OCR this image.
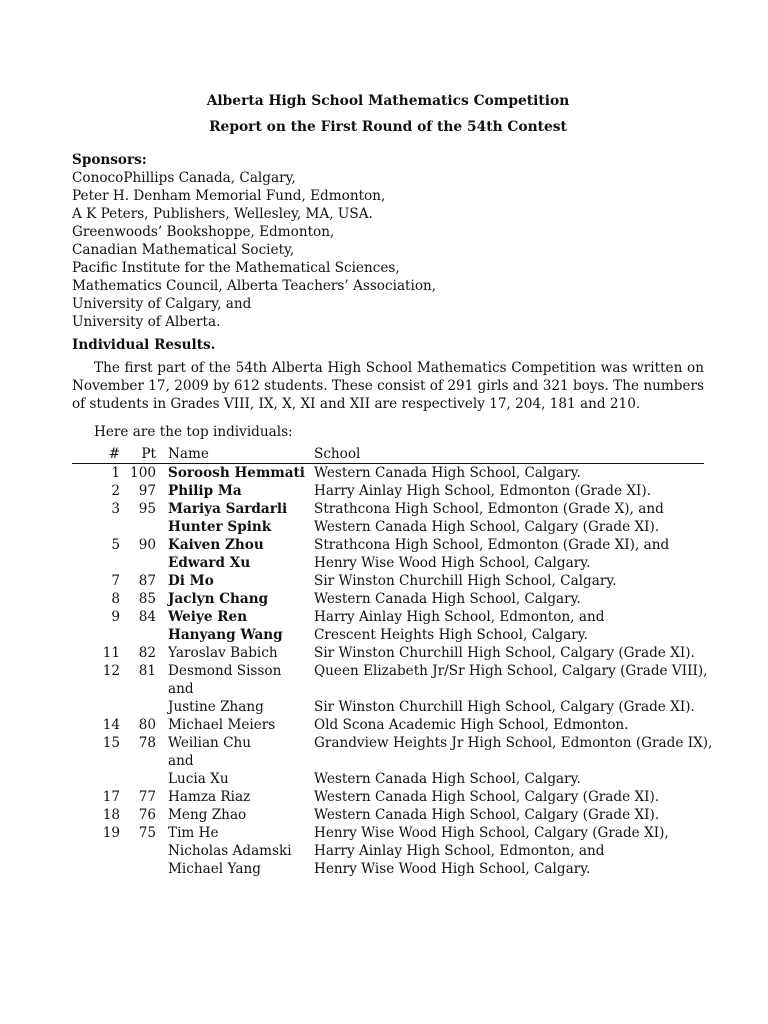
Alberta High School Mathematics Competition

Report on the First Round of the 54th Contest

Sponsors:
ConocoPhillips Canada, Calgary,
Peter H. Denham Memorial Fund, Edmonton,
A K Peters, Publishers, Wellesley, MA, USA.
Greenwoods’ Bookshoppe, Edmonton,
Canadian Mathematical Society,
Pacific Institute for the Mathematical Sciences,
Mathematics Council, Alberta Teachers’ Association,
University of Calgary, and
University of Alberta.
Individual Results.
The first part of the 54th Alberta High School Mathematics Competition was written on November 17, 2009 by 612 students. These consist of 291 girls and 321 boys. The numbers of students in Grades VIII, IX, X, XI and XII are respectively 17, 204, 181 and 210.
Here are the top individuals:
#	Pt		Name	School
1	100		Soroosh Hemmati	Western Canada High School, Calgary.
2	97		Philip Ma	Harry Ainlay High School, Edmonton (Grade XI).
3	95		Mariya Sardarli	Strathcona High School, Edmonton (Grade X), and
			Hunter Spink	Western Canada High School, Calgary (Grade XI).
5	90		Kaiven Zhou	Strathcona High School, Edmonton (Grade XI), and
			Edward Xu	Henry Wise Wood High School, Calgary.
7	87		Di Mo	Sir Winston Churchill High School, Calgary.
8	85		Jaclyn Chang	Western Canada High School, Calgary.
9	84		Weiye Ren	Harry Ainlay High School, Edmonton, and
			Hanyang Wang	Crescent Heights High School, Calgary.
11	82		Yaroslav Babich	Sir Winston Churchill High School, Calgary (Grade XI).
12	81		Desmond Sisson	Queen Elizabeth Jr/Sr High School, Calgary (Grade VIII),
			and	
			Justine Zhang	Sir Winston Churchill High School, Calgary (Grade XI).
14	80		Michael Meiers	Old Scona Academic High School, Edmonton.
15	78		Weilian Chu	Grandview Heights Jr High School, Edmonton (Grade IX),
			and	
			Lucia Xu	Western Canada High School, Calgary.
17	77		Hamza Riaz	Western Canada High School, Calgary (Grade XI).
18	76		Meng Zhao	Western Canada High School, Calgary (Grade XI).
19	75		Tim He	Henry Wise Wood High School, Calgary (Grade XI),
			Nicholas Adamski	Harry Ainlay High School, Edmonton, and
			Michael Yang	Henry Wise Wood High School, Calgary.
